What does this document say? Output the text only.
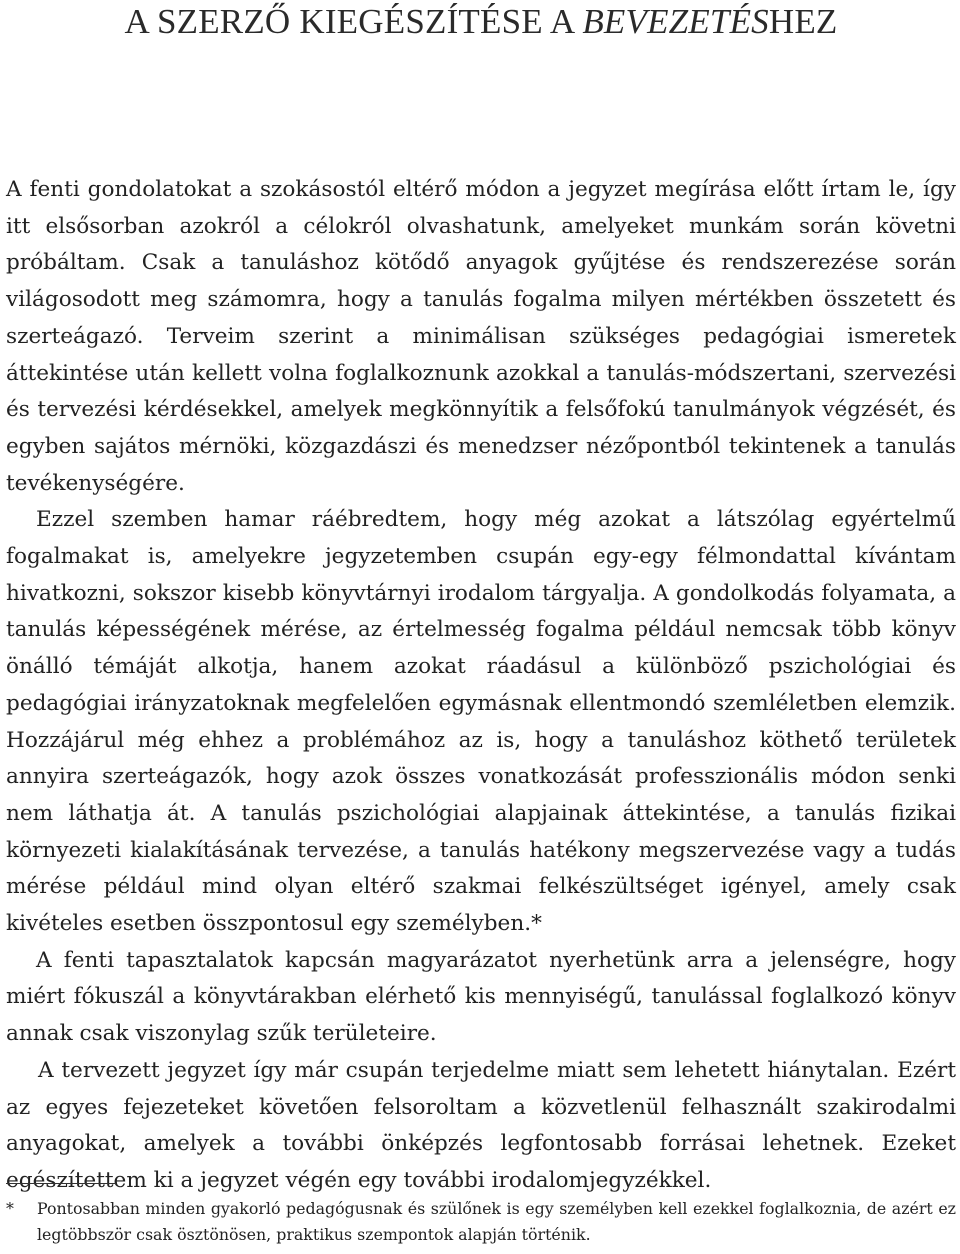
A SZERZŐ KIEGÉSZÍTÉSE A BEVEZETÉSHEZ

A fenti gondolatokat a szokásostól eltérő módon a jegyzet megírása előtt írtam le, így itt elsősorban azokról a célokról olvashatunk, amelyeket munkám során követni próbáltam. Csak a tanuláshoz kötődő anyagok gyűjtése és rendszerezése során világosodott meg számomra, hogy a tanulás fogalma milyen mértékben összetett és szerteágazó. Terveim szerint a minimálisan szükséges pedagógiai ismeretek áttekintése után kellett volna foglalkoznunk azokkal a tanulás-módszertani, szervezési és tervezési kérdésekkel, amelyek megkönnyítik a felsőfokú tanulmányok végzését, és egyben sajátos mérnöki, közgazdászi és menedzser nézőpontból tekintenek a tanulás tevékenységére.

Ezzel szemben hamar ráébredtem, hogy még azokat a látszólag egyértelmű fogalmakat is, amelyekre jegyzetemben csupán egy-egy félmondattal kívántam hivatkozni, sokszor kisebb könyvtárnyi irodalom tárgyalja. A gondolkodás folyamata, a tanulás képességének mérése, az értelmesség fogalma például nemcsak több könyv önálló témáját alkotja, hanem azokat ráadásul a különböző pszichológiai és pedagógiai irányzatoknak megfelelően egymásnak ellentmondó szemléletben elemzik. Hozzájárul még ehhez a problémához az is, hogy a tanuláshoz köthető területek annyira szerteágazók, hogy azok összes vonatkozását professzionális módon senki nem láthatja át. A tanulás pszichológiai alapjainak áttekintése, a tanulás fizikai környezeti kialakításának tervezése, a tanulás hatékony megszervezése vagy a tudás mérése például mind olyan eltérő szakmai felkészültséget igényel, amely csak kivételes esetben összpontosul egy személyben.*

A fenti tapasztalatok kapcsán magyarázatot nyerhetünk arra a jelenségre, hogy miért fókuszál a könyvtárakban elérhető kis mennyiségű, tanulással foglalkozó könyv annak csak viszonylag szűk területeire.

A tervezett jegyzet így már csupán terjedelme miatt sem lehetett hiánytalan. Ezért az egyes fejezeteket követően felsoroltam a közvetlenül felhasznált szakirodalmi anyagokat, amelyek a további önképzés legfontosabb forrásai lehetnek. Ezeket egészítettem ki a jegyzet végén egy további irodalomjegyzékkel.

* Pontosabban minden gyakorló pedagógusnak és szülőnek is egy személyben kell ezekkel foglalkoznia, de azért ez legtöbbször csak ösztönösen, praktikus szempontok alapján történik.
